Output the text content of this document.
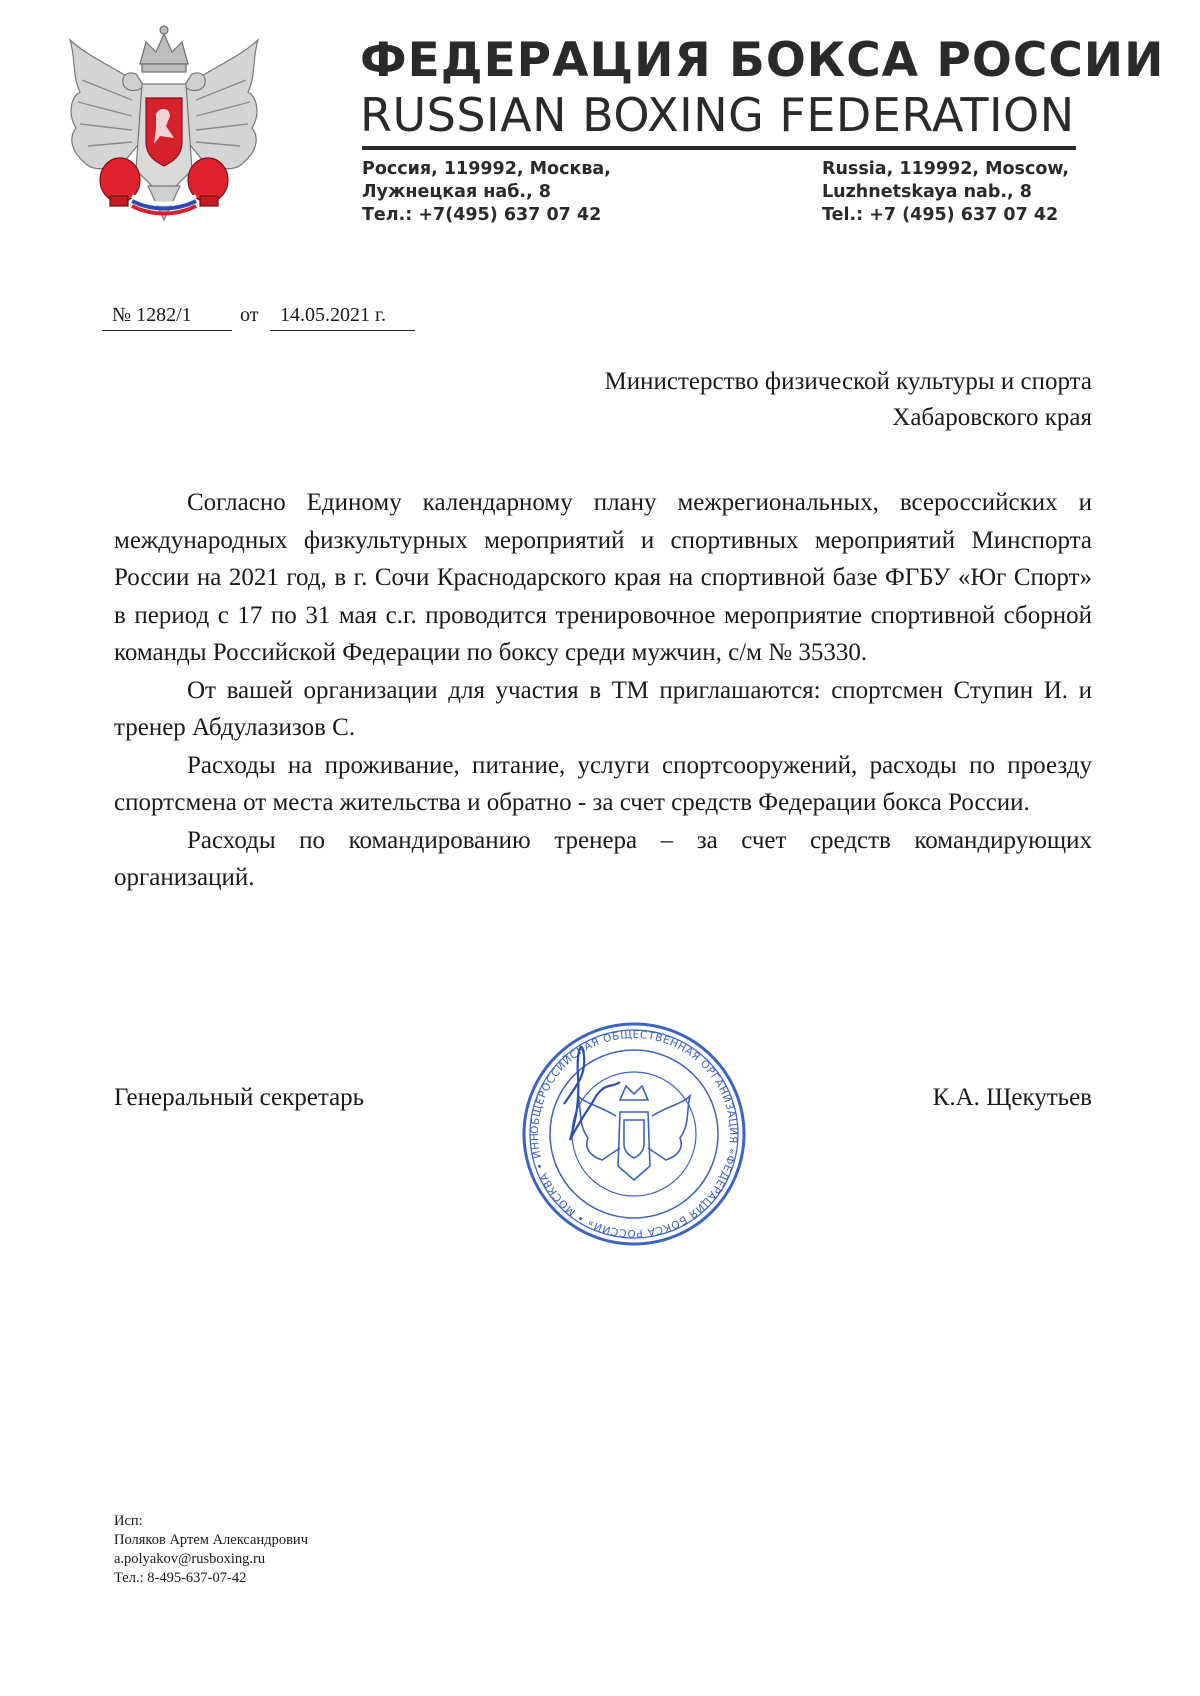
ФЕДЕРАЦИЯ БОКСА РОССИИ
RUSSIAN BOXING FEDERATION
Россия, 119992, Москва,
Лужнецкая наб., 8
Тел.: +7(495) 637 07 42
Russia, 119992, Moscow,
Luzhnetskaya nab., 8
Tel.: +7 (495) 637 07 42
№ 1282/1	от	14.05.2021 г.
Министерство физической культуры и спорта
Хабаровского края

Согласно Единому календарному плану межрегиональных, всероссийских и международных физкультурных мероприятий и спортивных мероприятий Минспорта России на 2021 год, в г. Сочи Краснодарского края на спортивной базе ФГБУ «Юг Спорт» в период с 17 по 31 мая с.г. проводится тренировочное мероприятие спортивной сборной команды Российской Федерации по боксу среди мужчин, с/м № 35330.

От вашей организации для участия в ТМ приглашаются: спортсмен Ступин И. и тренер Абдулазизов С.

Расходы на проживание, питание, услуги спортсооружений, расходы по проезду спортсмена от места жительства и обратно - за счет средств Федерации бокса России.

Расходы по командированию тренера – за счет средств командирующих организаций.

Генеральный секретарь
ОБЩЕРОССИЙСКАЯ ОБЩЕСТВЕННАЯ ОРГАНИЗАЦИЯ «ФЕДЕРАЦИЯ БОКСА РОССИИ» • МОСКВА • ИНН
К.А. Щекутьев
Исп:
Поляков Артем Александрович
a.polyakov@rusboxing.ru
Тел.: 8-495-637-07-42
